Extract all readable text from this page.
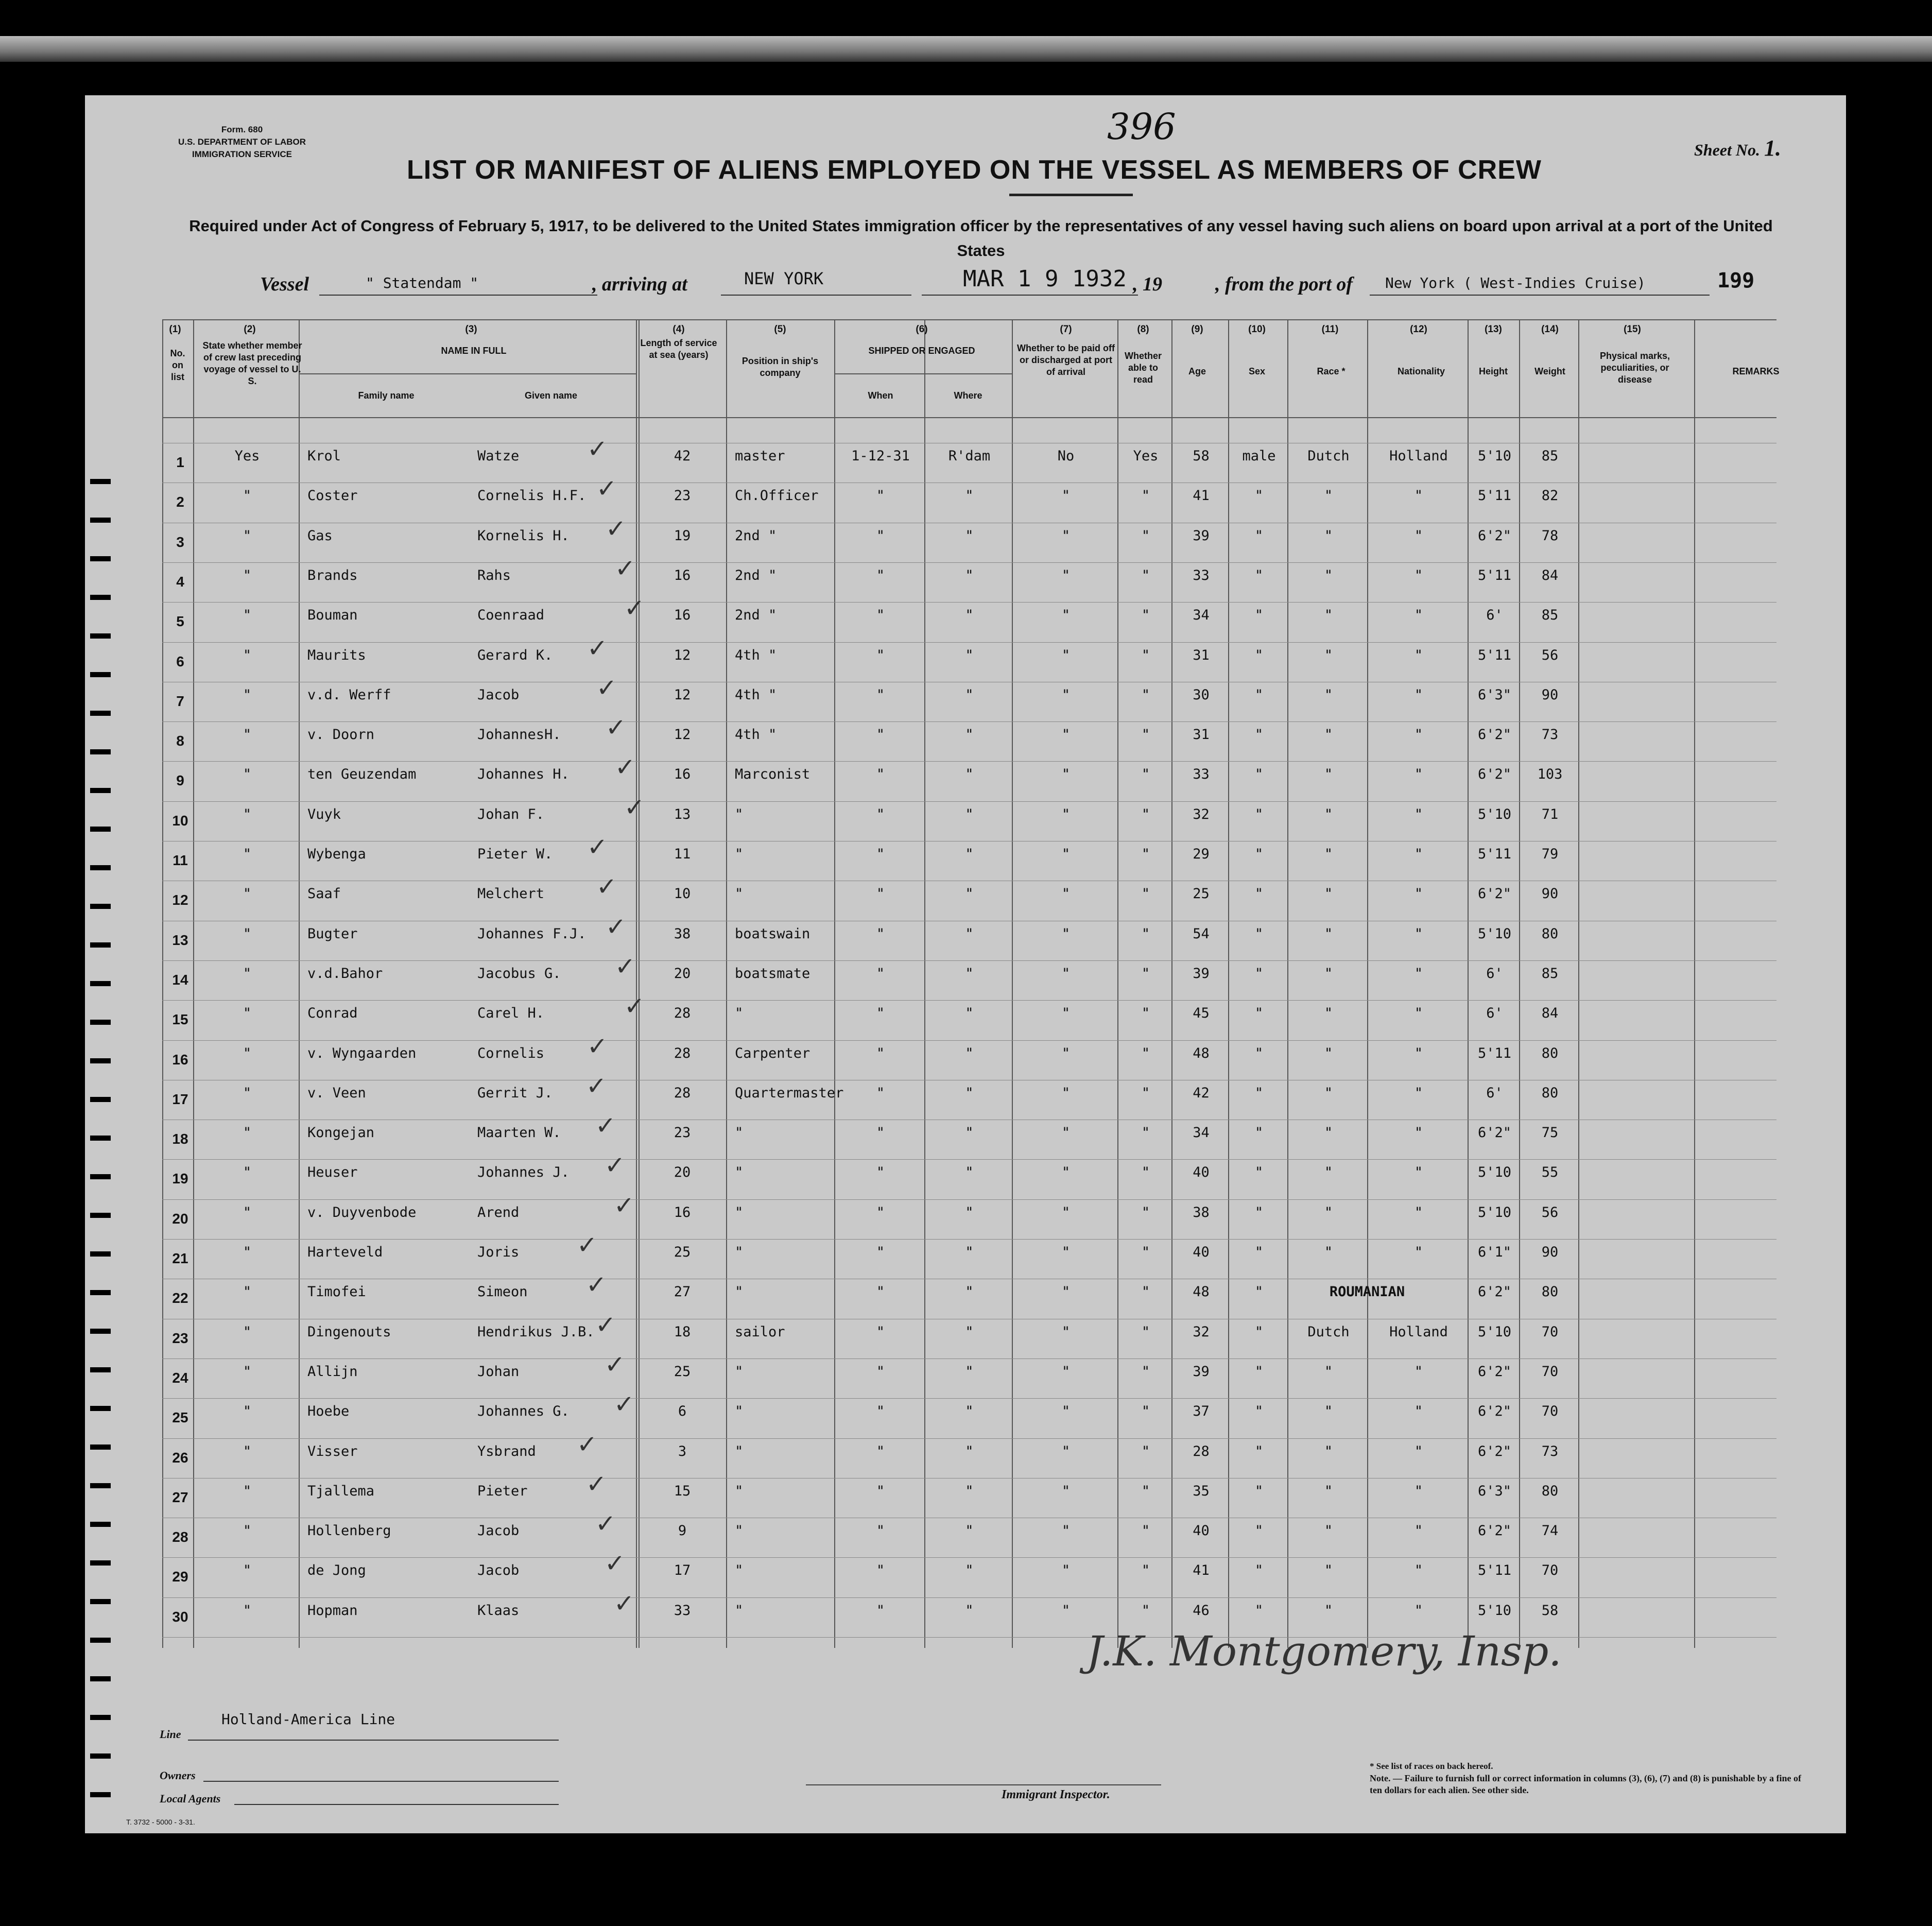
Form. 680
U.S. DEPARTMENT OF LABOR
IMMIGRATION SERVICE
396
Sheet No. 1.
LIST OR MANIFEST OF ALIENS EMPLOYED ON THE VESSEL AS MEMBERS OF CREW
Required under Act of Congress of February 5, 1917, to be delivered to the United States immigration officer by the representatives of any vessel having such aliens on board upon arrival at a port of the United States
Vessel	" Statendam "	, arriving at	NEW YORK	MAR 1 9 1932 , 19	, from the port of New York ( West-Indies Cruise)	199
(1)
No. on list
(2)
State whether member of crew last preceding voyage of vessel to U. S.
(3)
NAME IN FULL
Family name	Given name
(4)
Length of service at sea (years)
(5)
Position in ship's company
(6)
SHIPPED OR ENGAGED
When	Where
(7)
Whether to be paid off or discharged at port of arrival
(8)
Whether able to read
(9)
Age
(10)
Sex
(11)
Race *
(12)
Nationality
(13)
Height
(14)
Weight
(15)
Physical marks, peculiarities, or disease
REMARKS
1	Yes	Krol	Watze	42	master	1-12-31	R'dam	No	Yes	58	male	Dutch	Holland	5'10	85
✓
2	"	Coster	Cornelis H.F.	23	Ch.Officer	"	"	"	"	41	"	"	"	5'11	82
✓
3	"	Gas	Kornelis H.	19	2nd "	"	"	"	"	39	"	"	"	6'2"	78
✓
4	"	Brands	Rahs	16	2nd "	"	"	"	"	33	"	"	"	5'11	84
✓
5	"	Bouman	Coenraad	16	2nd "	"	"	"	"	34	"	"	"	6'	85
✓
6	"	Maurits	Gerard K.	12	4th "	"	"	"	"	31	"	"	"	5'11	56
✓
7	"	v.d. Werff	Jacob	12	4th "	"	"	"	"	30	"	"	"	6'3"	90
✓
8	"	v. Doorn	JohannesH.	12	4th "	"	"	"	"	31	"	"	"	6'2"	73
✓
9	"	ten Geuzendam	Johannes H.	16	Marconist	"	"	"	"	33	"	"	"	6'2"	103
✓
10	"	Vuyk	Johan F.	13	"	"	"	"	"	32	"	"	"	5'10	71
✓
11	"	Wybenga	Pieter W.	11	"	"	"	"	"	29	"	"	"	5'11	79
✓
12	"	Saaf	Melchert	10	"	"	"	"	"	25	"	"	"	6'2"	90
✓
13	"	Bugter	Johannes F.J.	38	boatswain	"	"	"	"	54	"	"	"	5'10	80
✓
14	"	v.d.Bahor	Jacobus G.	20	boatsmate	"	"	"	"	39	"	"	"	6'	85
✓
15	"	Conrad	Carel H.	28	"	"	"	"	"	45	"	"	"	6'	84
✓
16	"	v. Wyngaarden	Cornelis	28	Carpenter	"	"	"	"	48	"	"	"	5'11	80
✓
17	"	v. Veen	Gerrit J.	28	Quartermaster	"	"	"	"	42	"	"	"	6'	80
✓
18	"	Kongejan	Maarten W.	23	"	"	"	"	"	34	"	"	"	6'2"	75
✓
19	"	Heuser	Johannes J.	20	"	"	"	"	"	40	"	"	"	5'10	55
✓
20	"	v. Duyvenbode	Arend	16	"	"	"	"	"	38	"	"	"	5'10	56
✓
21	"	Harteveld	Joris	25	"	"	"	"	"	40	"	"	"	6'1"	90
✓
22	"	Timofei	Simeon	27	"	"	"	"	"	48	"	ROUMANIAN	6'2"	80
✓
23	"	Dingenouts	Hendrikus J.B.	18	sailor	"	"	"	"	32	"	Dutch	Holland	5'10	70
✓
24	"	Allijn	Johan	25	"	"	"	"	"	39	"	"	"	6'2"	70
✓
25	"	Hoebe	Johannes G.	6	"	"	"	"	"	37	"	"	"	6'2"	70
✓
26	"	Visser	Ysbrand	3	"	"	"	"	"	28	"	"	"	6'2"	73
✓
27	"	Tjallema	Pieter	15	"	"	"	"	"	35	"	"	"	6'3"	80
✓
28	"	Hollenberg	Jacob	9	"	"	"	"	"	40	"	"	"	6'2"	74
✓
29	"	de Jong	Jacob	17	"	"	"	"	"	41	"	"	"	5'11	70
✓
30	"	Hopman	Klaas	33	"	"	"	"	"	46	"	"	"	5'10	58
✓
Holland-America Line
Line
Owners
Local Agents	Immigrant Inspector.
J.K. Montgomery, Insp.
* See list of races on back hereof.
Note. — Failure to furnish full or correct information in columns (3), (6), (7) and (8) is punishable by a fine of ten dollars for each alien. See other side.
T. 3732 - 5000 - 3-31.
